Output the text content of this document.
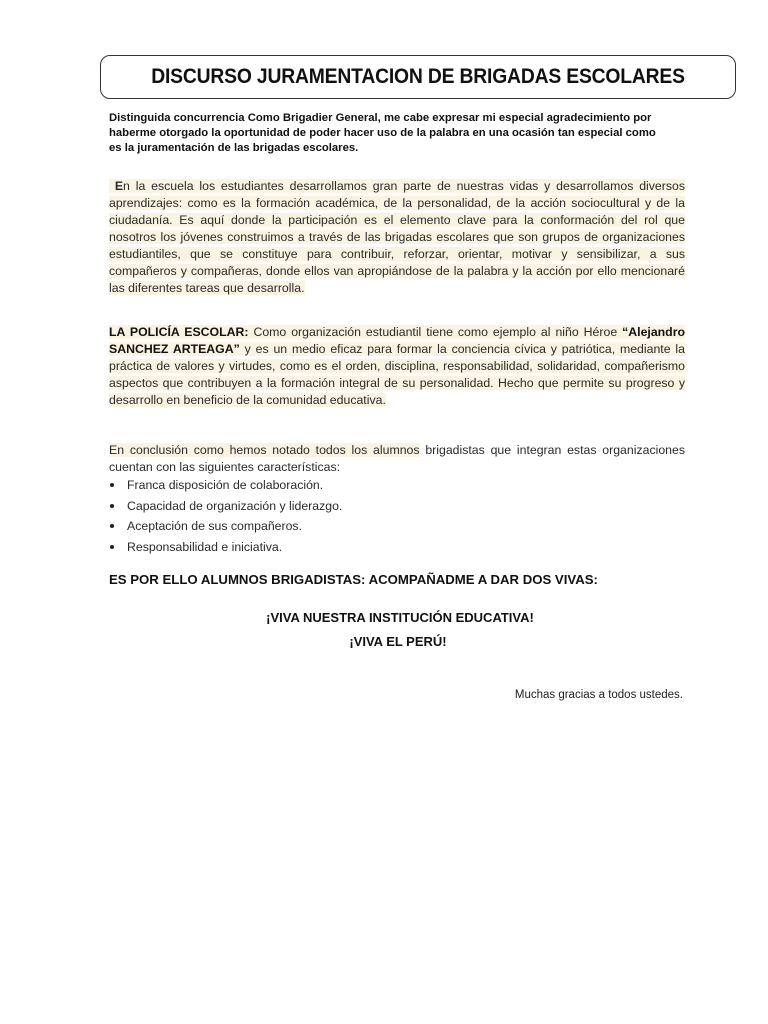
DISCURSO JURAMENTACION DE BRIGADAS ESCOLARES
Distinguida concurrencia Como Brigadier General, me cabe expresar mi especial agradecimiento por
haberme otorgado la oportunidad de poder hacer uso de la palabra en una ocasión tan especial como
es la juramentación de las brigadas escolares.
En la escuela los estudiantes desarrollamos gran parte de nuestras vidas y desarrollamos diversos aprendizajes: como es la formación académica, de la personalidad, de la acción sociocultural y de la ciudadanía. Es aquí donde la participación es el elemento clave para la conformación del rol que nosotros los jóvenes construimos a través de las brigadas escolares que son grupos de organizaciones estudiantiles, que se constituye para contribuir, reforzar, orientar, motivar y sensibilizar, a sus compañeros y compañeras, donde ellos van apropiándose de la palabra y la acción por ello mencionaré las diferentes tareas que desarrolla.
LA POLICÍA ESCOLAR: Como organización estudiantil tiene como ejemplo al niño Héroe “Alejandro SANCHEZ ARTEAGA” y es un medio eficaz para formar la conciencia cívica y patriótica, mediante la práctica de valores y virtudes, como es el orden, disciplina, responsabilidad, solidaridad, compañerismo aspectos que contribuyen a la formación integral de su personalidad. Hecho que permite su progreso y desarrollo en beneficio de la comunidad educativa.
En conclusión como hemos notado todos los alumnos brigadistas que integran estas organizaciones cuentan con las siguientes características:
Franca disposición de colaboración.
Capacidad de organización y liderazgo.
Aceptación de sus compañeros.
Responsabilidad e iniciativa.
ES POR ELLO ALUMNOS BRIGADISTAS: ACOMPAÑADME A DAR DOS VIVAS:
¡VIVA NUESTRA INSTITUCIÓN EDUCATIVA!
¡VIVA EL PERÚ!
Muchas gracias a todos ustedes.
